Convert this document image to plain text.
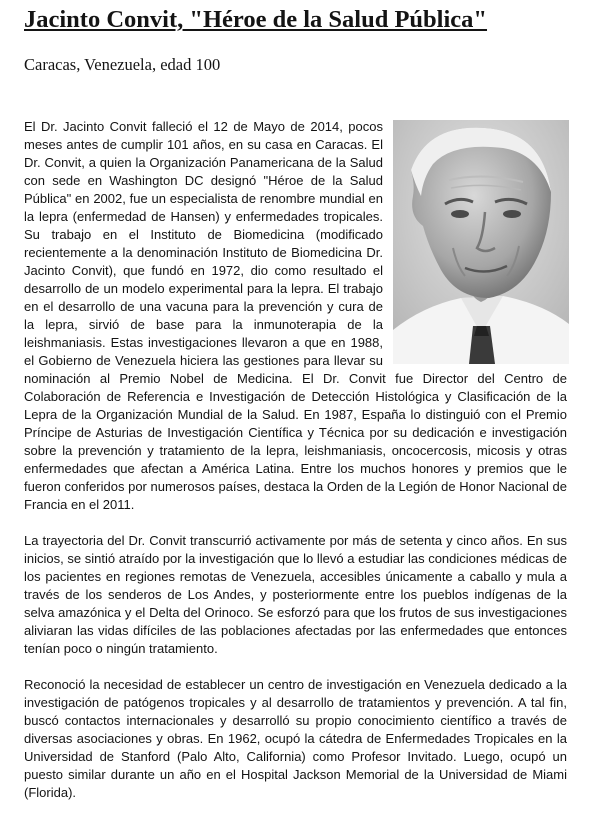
Jacinto Convit, "Héroe de la Salud Pública"
Caracas, Venezuela, edad 100

El Dr. Jacinto Convit falleció el 12 de Mayo de 2014, pocos meses antes de cumplir 101 años, en su casa en Caracas. El Dr. Convit, a quien la Organización Panamericana de la Salud con sede en Washington DC designó "Héroe de la Salud Pública" en 2002, fue un especialista de renombre mundial en la lepra (enfermedad de Hansen) y enfermedades tropicales. Su trabajo en el Instituto de Biomedicina (modificado recientemente a la denominación Instituto de Biomedicina Dr. Jacinto Convit), que fundó en 1972, dio como resultado el desarrollo de un modelo experimental para la lepra. El trabajo en el desarrollo de una vacuna para la prevención y cura de la lepra, sirvió de base para la inmunoterapia de la leishmaniasis. Estas investigaciones llevaron a que en 1988, el Gobierno de Venezuela hiciera las gestiones para llevar su nominación al Premio Nobel de Medicina. El Dr. Convit fue Director del Centro de Colaboración de Referencia e Investigación de Detección Histológica y Clasificación de la Lepra de la Organización Mundial de la Salud. En 1987, España lo distinguió con el Premio Príncipe de Asturias de Investigación Científica y Técnica por su dedicación e investigación sobre la prevención y tratamiento de la lepra, leishmaniasis, oncocercosis, micosis y otras enfermedades que afectan a América Latina. Entre los muchos honores y premios que le fueron conferidos por numerosos países, destaca la Orden de la Legión de Honor Nacional de Francia en el 2011.

La trayectoria del Dr. Convit transcurrió activamente por más de setenta y cinco años. En sus inicios, se sintió atraído por la investigación que lo llevó a estudiar las condiciones médicas de los pacientes en regiones remotas de Venezuela, accesibles únicamente a caballo y mula a través de los senderos de Los Andes, y posteriormente entre los pueblos indígenas de la selva amazónica y el Delta del Orinoco. Se esforzó para que los frutos de sus investigaciones aliviaran las vidas difíciles de las poblaciones afectadas por las enfermedades que entonces tenían poco o ningún tratamiento.

Reconoció la necesidad de establecer un centro de investigación en Venezuela dedicado a la investigación de patógenos tropicales y al desarrollo de tratamientos y prevención. A tal fin, buscó contactos internacionales y desarrolló su propio conocimiento científico a través de diversas asociaciones y obras. En 1962, ocupó la cátedra de Enfermedades Tropicales en la Universidad de Stanford (Palo Alto, California) como Profesor Invitado. Luego, ocupó un puesto similar durante un año en el Hospital Jackson Memorial de la Universidad de Miami (Florida).
